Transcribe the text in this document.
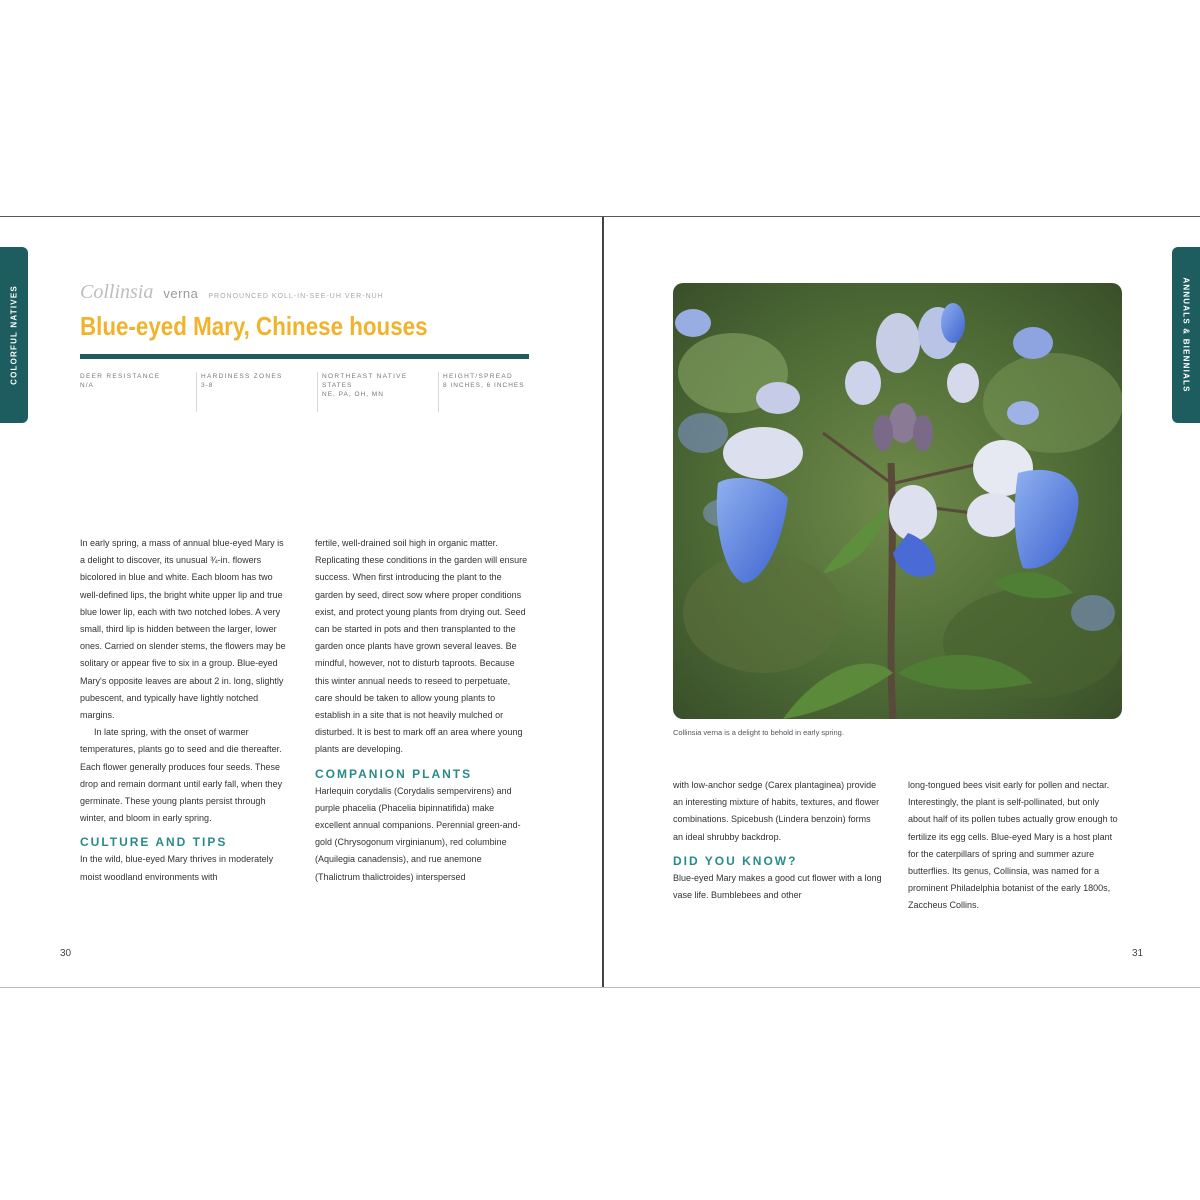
COLORFUL NATIVES	Collinsia verna PRONOUNCED KOLL-IN-SEE-UH VER-NUH
Blue-eyed Mary, Chinese houses
DEER RESISTANCE
N/A
HARDINESS ZONES
3-8
NORTHEAST NATIVE
STATES
NE, PA, OH, MN
HEIGHT/SPREAD
8 INCHES, 6 INCHES

In early spring, a mass of annual blue-eyed Mary is a delight to discover, its unusual ¾-in. flowers bicolored in blue and white. Each bloom has two well-defined lips, the bright white upper lip and true blue lower lip, each with two notched lobes. A very small, third lip is hidden between the larger, lower ones. Carried on slender stems, the flowers may be solitary or appear five to six in a group. Blue-eyed Mary's opposite leaves are about 2 in. long, slightly pubescent, and typically have lightly notched margins.

In late spring, with the onset of warmer temperatures, plants go to seed and die thereafter. Each flower generally produces four seeds. These drop and remain dormant until early fall, when they germinate. These young plants persist through winter, and bloom in early spring.

CULTURE AND TIPS

In the wild, blue-eyed Mary thrives in moderately moist woodland environments with

fertile, well-drained soil high in organic matter. Replicating these conditions in the garden will ensure success. When first introducing the plant to the garden by seed, direct sow where proper conditions exist, and protect young plants from drying out. Seed can be started in pots and then transplanted to the garden once plants have grown several leaves. Be mindful, however, not to disturb taproots. Because this winter annual needs to reseed to perpetuate, care should be taken to allow young plants to establish in a site that is not heavily mulched or disturbed. It is best to mark off an area where young plants are developing.

COMPANION PLANTS

Harlequin corydalis (Corydalis sempervirens) and purple phacelia (Phacelia bipinnatifida) make excellent annual companions. Perennial green-and-gold (Chrysogonum virginianum), red columbine (Aquilegia canadensis), and rue anemone (Thalictrum thalictroides) interspersed

30
ANNUALS & BIENNIALS
Collinsia verna is a delight to behold in early spring.

with low-anchor sedge (Carex plantaginea) provide an interesting mixture of habits, textures, and flower combinations. Spicebush (Lindera benzoin) forms an ideal shrubby backdrop.

DID YOU KNOW?

Blue-eyed Mary makes a good cut flower with a long vase life. Bumblebees and other

long-tongued bees visit early for pollen and nectar. Interestingly, the plant is self-pollinated, but only about half of its pollen tubes actually grow enough to fertilize its egg cells. Blue-eyed Mary is a host plant for the caterpillars of spring and summer azure butterflies. Its genus, Collinsia, was named for a prominent Philadelphia botanist of the early 1800s, Zaccheus Collins.

31
